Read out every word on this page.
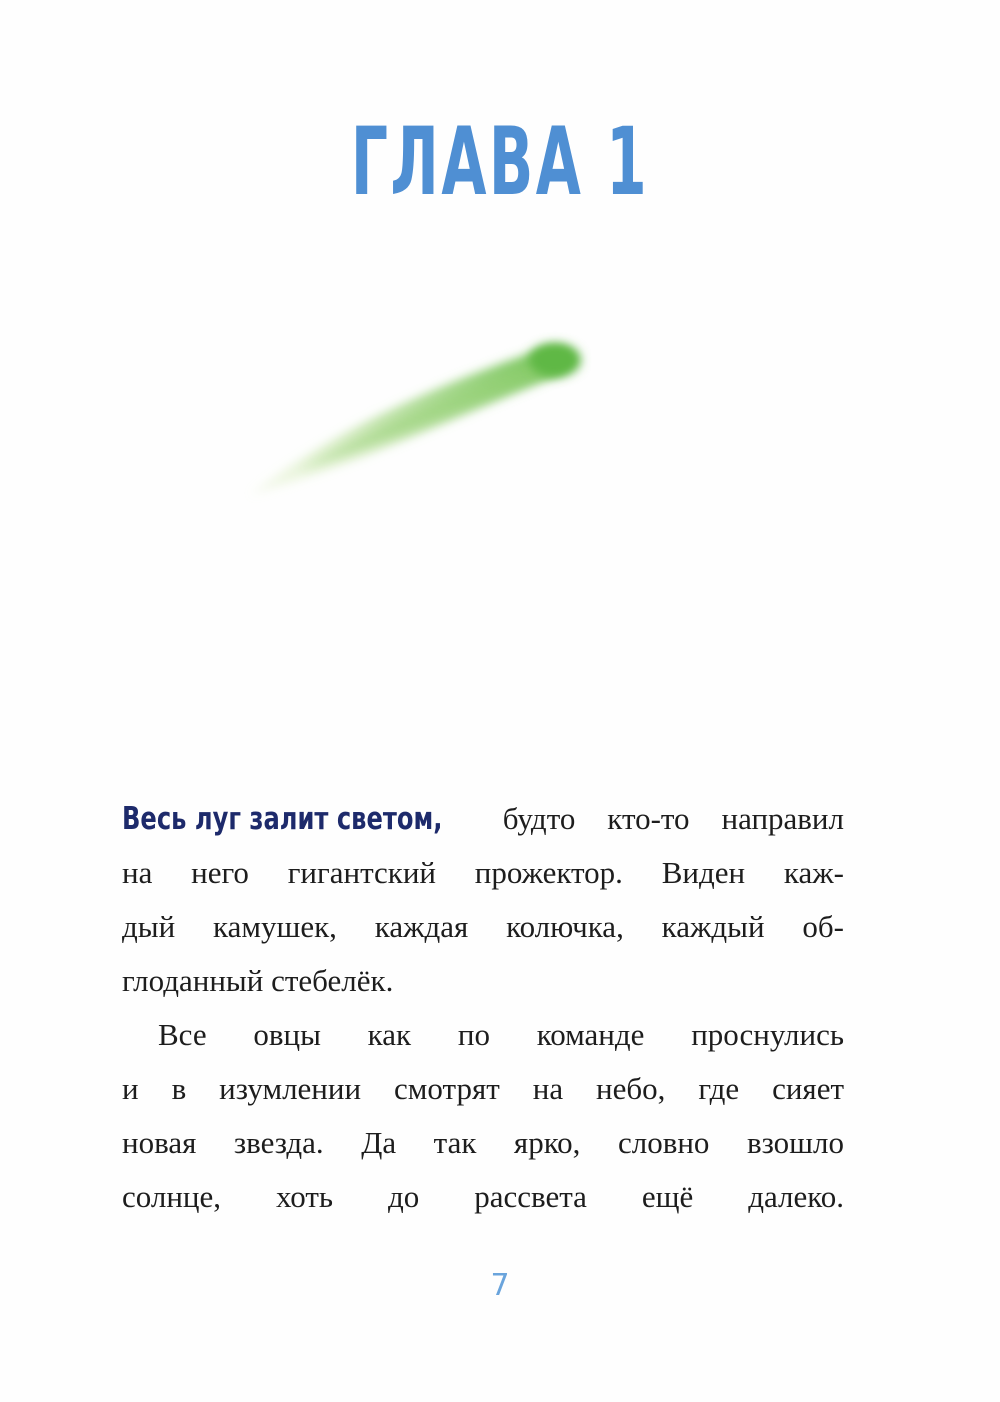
ГЛАВА 1

Весь луг залит светом, будто кто-то направил

на него гигантский прожектор. Виден каж-

дый камушек, каждая колючка, каждый об-

глоданный стебелёк.

Все овцы как по команде проснулись

и в изумлении смотрят на небо, где сияет

новая звезда. Да так ярко, словно взошло

солнце, хоть до рассвета ещё далеко.

7
